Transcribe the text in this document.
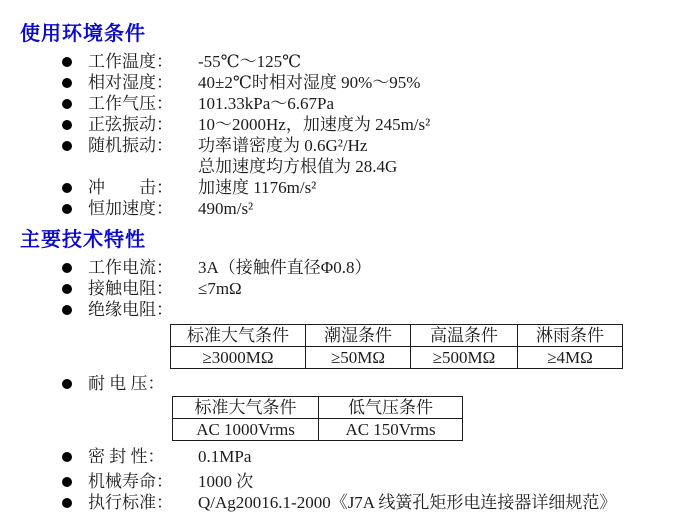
使用环境条件
工作温度：	-55℃～125℃
相对湿度：	40±2℃时相对湿度 90%～95%
工作气压：	101.33kPa～6.67Pa
正弦振动：	10～2000Hz，加速度为 245m/s²
随机振动：	功率谱密度为 0.6G²/Hz
总加速度均方根值为 28.4G
冲　　击：	加速度 1176m/s²
恒加速度：	490m/s²
主要技术特性
工作电流：	3A（接触件直径Φ0.8）
接触电阻：	≤7mΩ
绝缘电阻：
标准大气条件	潮湿条件	高温条件	淋雨条件
≥3000MΩ	≥50MΩ	≥500MΩ	≥4MΩ
耐 电 压：
标准大气条件	低气压条件
AC 1000Vrms	AC 150Vrms
密 封 性：	0.1MPa
机械寿命：	1000 次
执行标准：	Q/Ag20016.1-2000《J7A 线簧孔矩形电连接器详细规范》
